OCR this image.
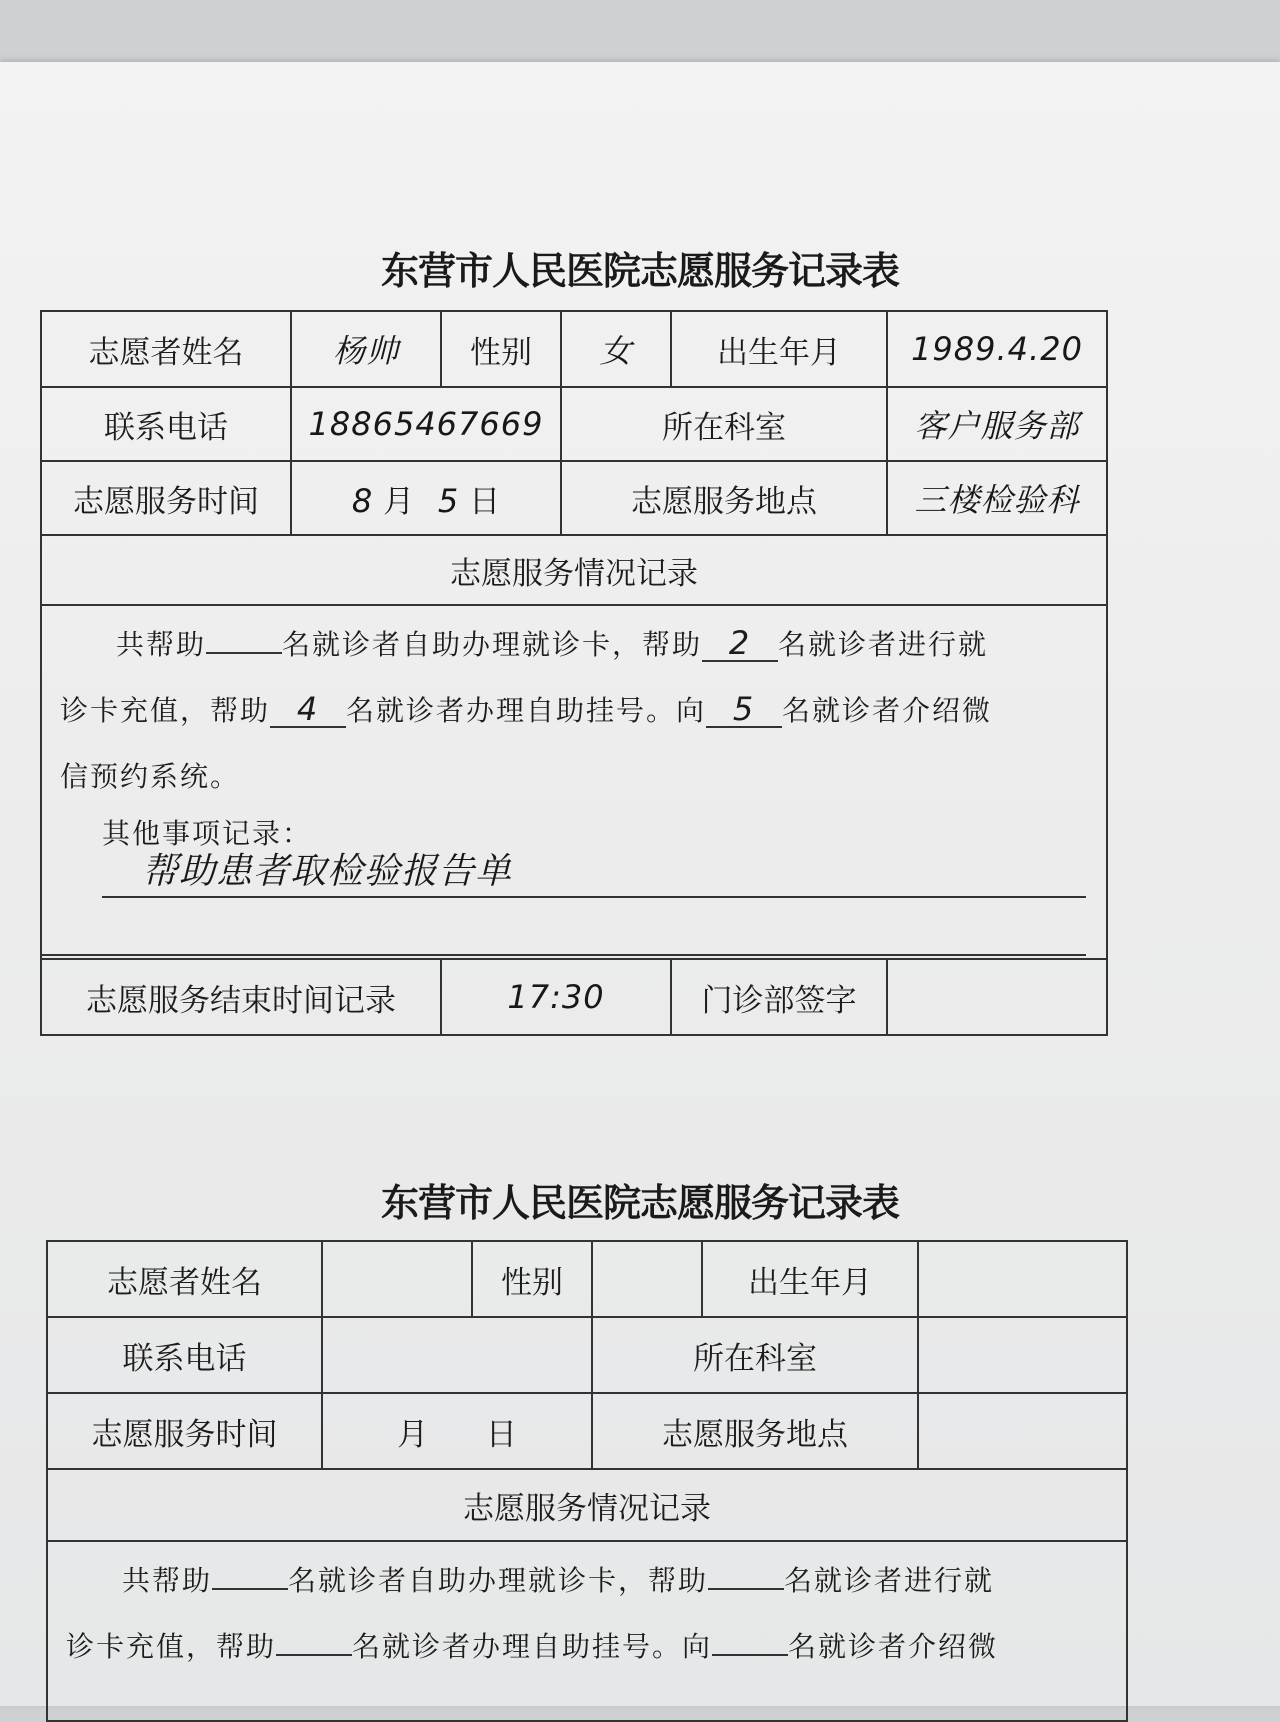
东营市人民医院志愿服务记录表
志愿者姓名	杨帅	性别	女	出生年月	1989.4.20
联系电话	18865467669		所在科室		客户服务部
志愿服务时间	8 月 5 日		志愿服务地点		三楼检验科
志愿服务情况记录					

共帮助 名就诊者自助办理就诊卡，帮助 2 名就诊者进行就
诊卡充值，帮助 4 名就诊者办理自助挂号。向 5 名就诊者介绍微
信预约系统。
其他事项记录：
帮助患者取检验报告单					

志愿服务结束时间记录		17:30		门诊部签字	
东营市人民医院志愿服务记录表
志愿者姓名		性别		出生年月	
联系电话			所在科室		
志愿服务时间	月 日		志愿服务地点		
志愿服务情况记录					

共帮助 名就诊者自助办理就诊卡，帮助 名就诊者进行就
诊卡充值，帮助 名就诊者办理自助挂号。向 名就诊者介绍微					
